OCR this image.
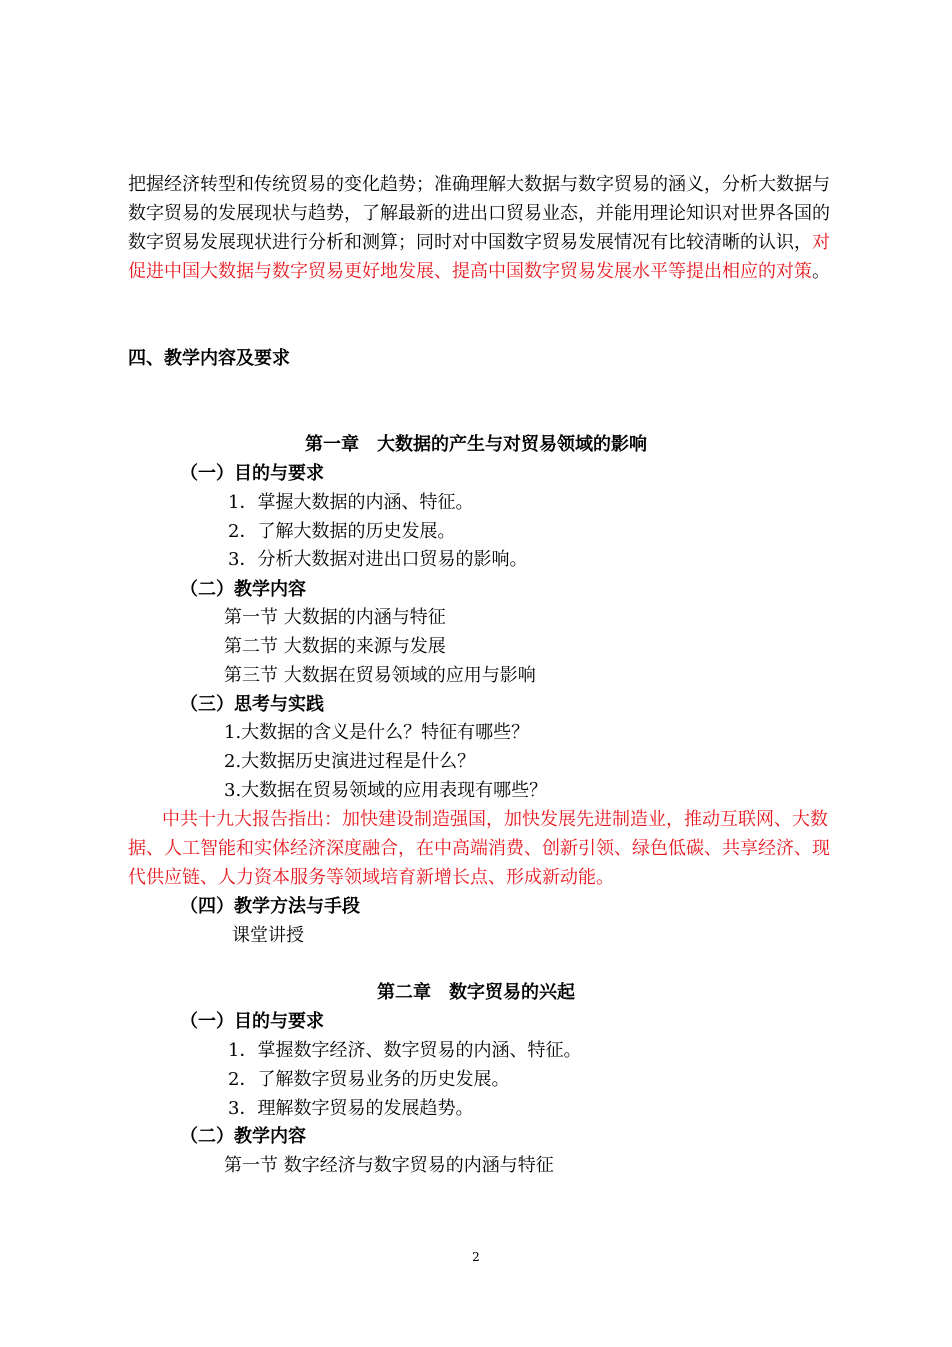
把握经济转型和传统贸易的变化趋势；准确理解大数据与数字贸易的涵义，分析大数据与数字贸易的发展现状与趋势，了解最新的进出口贸易业态，并能用理论知识对世界各国的数字贸易发展现状进行分析和测算；同时对中国数字贸易发展情况有比较清晰的认识，对促进中国大数据与数字贸易更好地发展、提高中国数字贸易发展水平等提出相应的对策。

四、教学内容及要求
第一章　大数据的产生与对贸易领域的影响
（一）目的与要求
1．掌握大数据的内涵、特征。
2．了解大数据的历史发展。
3．分析大数据对进出口贸易的影响。
（二）教学内容
第一节 大数据的内涵与特征
第二节 大数据的来源与发展
第三节 大数据在贸易领域的应用与影响
（三）思考与实践
1.大数据的含义是什么？特征有哪些？
2.大数据历史演进过程是什么？
3.大数据在贸易领域的应用表现有哪些？

中共十九大报告指出：加快建设制造强国，加快发展先进制造业，推动互联网、大数据、人工智能和实体经济深度融合，在中高端消费、创新引领、绿色低碳、共享经济、现代供应链、人力资本服务等领域培育新增长点、形成新动能。

（四）教学方法与手段
课堂讲授
第二章　数字贸易的兴起
（一）目的与要求
1．掌握数字经济、数字贸易的内涵、特征。
2．了解数字贸易业务的历史发展。
3．理解数字贸易的发展趋势。
（二）教学内容
第一节 数字经济与数字贸易的内涵与特征
2
